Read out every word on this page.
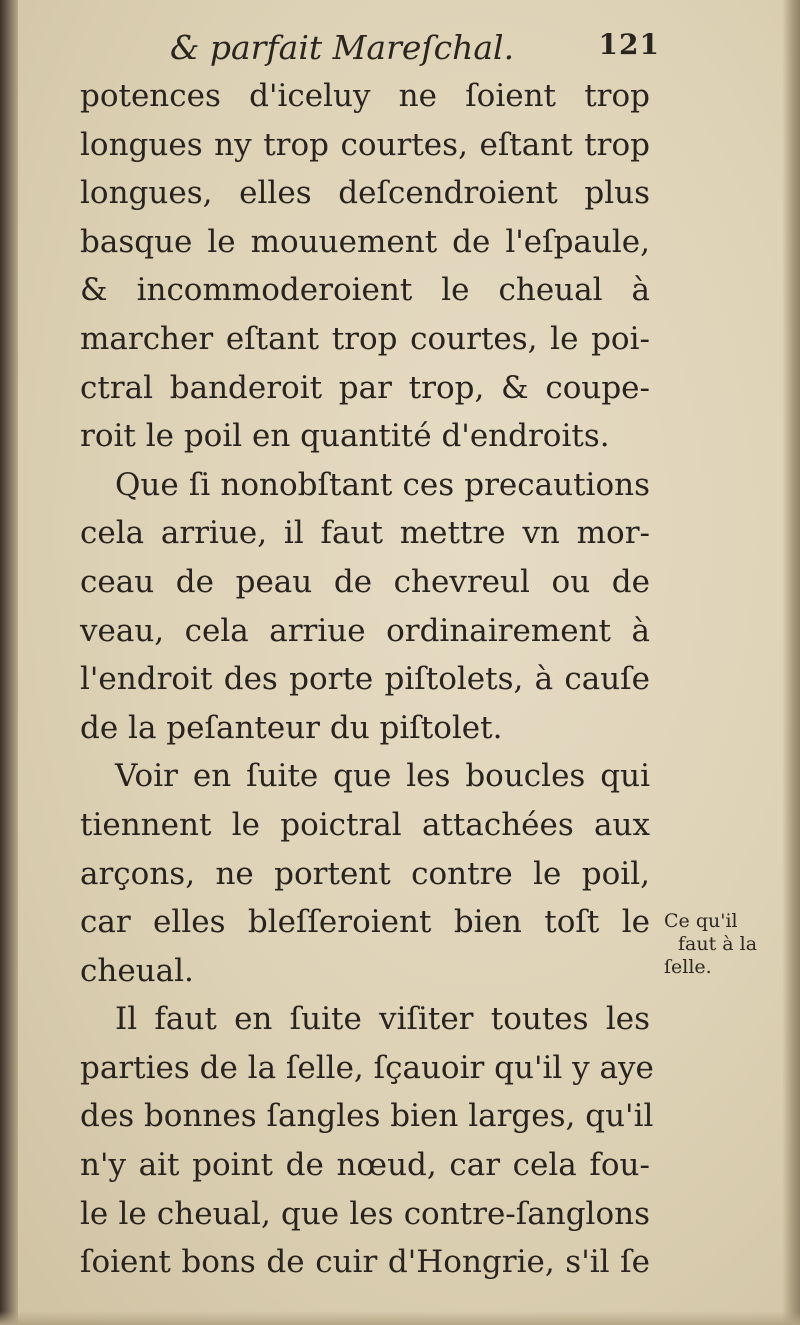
& parfait Mareſchal.	121
potences d'iceluy ne ſoient trop
longues ny trop courtes, eſtant trop
longues, elles deſcendroient plus
basque le mouuement de l'eſpaule,
& incommoderoient le cheual à
marcher eſtant trop courtes, le poi-
ctral banderoit par trop, & coupe-
roit le poil en quantité d'endroits.
Que ſi nonobſtant ces precautions
cela arriue, il faut mettre vn mor-
ceau de peau de chevreul ou de
veau, cela arriue ordinairement à
l'endroit des porte piſtolets, à cauſe
de la peſanteur du piſtolet.
Voir en ſuite que les boucles qui
tiennent le poictral attachées aux
arçons, ne portent contre le poil,
car elles bleſſeroient bien toſt le
cheual.
Il faut en ſuite viſiter toutes les
parties de la ſelle, ſçauoir qu'il y aye
des bonnes ſangles bien larges, qu'il
n'y ait point de nœud, car cela fou-
le le cheual, que les contre-ſanglons
ſoient bons de cuir d'Hongrie, s'il ſe
Ce qu'il
faut à la
ſelle.
